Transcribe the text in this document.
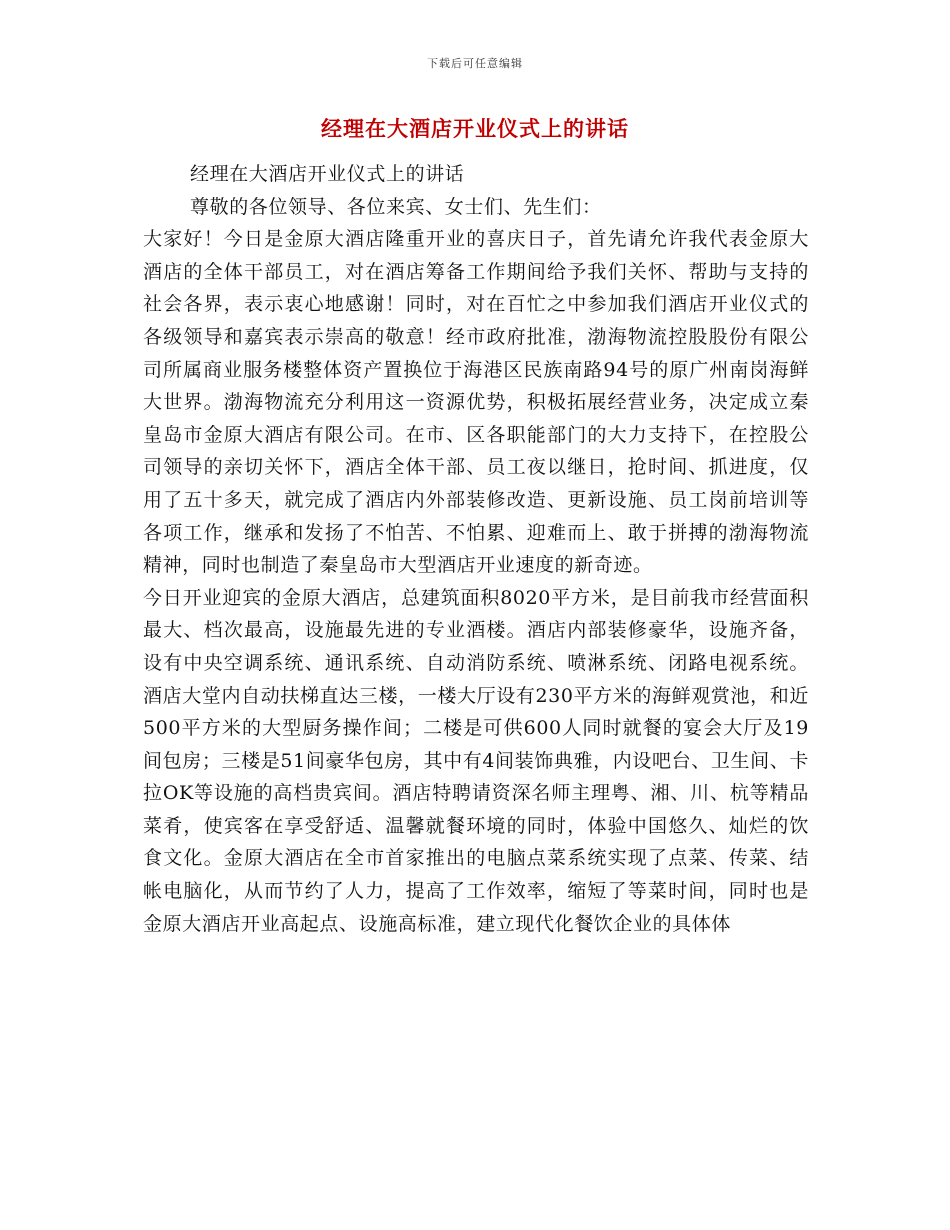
下载后可任意编辑
经理在大酒店开业仪式上的讲话

经理在大酒店开业仪式上的讲话

尊敬的各位领导、各位来宾、女士们、先生们：

大家好！今日是金原大酒店隆重开业的喜庆日子，首先请允许我代表金原大酒店的全体干部员工，对在酒店筹备工作期间给予我们关怀、帮助与支持的社会各界，表示衷心地感谢！同时，对在百忙之中参加我们酒店开业仪式的各级领导和嘉宾表示崇高的敬意！经市政府批准，渤海物流控股股份有限公司所属商业服务楼整体资产置换位于海港区民族南路94号的原广州南岗海鲜大世界。渤海物流充分利用这一资源优势，积极拓展经营业务，决定成立秦皇岛市金原大酒店有限公司。在市、区各职能部门的大力支持下，在控股公司领导的亲切关怀下，酒店全体干部、员工夜以继日，抢时间、抓进度，仅用了五十多天，就完成了酒店内外部装修改造、更新设施、员工岗前培训等各项工作，继承和发扬了不怕苦、不怕累、迎难而上、敢于拼搏的渤海物流精神，同时也制造了秦皇岛市大型酒店开业速度的新奇迹。

今日开业迎宾的金原大酒店，总建筑面积8020平方米，是目前我市经营面积最大、档次最高，设施最先进的专业酒楼。酒店内部装修豪华，设施齐备，设有中央空调系统、通讯系统、自动消防系统、喷淋系统、闭路电视系统。酒店大堂内自动扶梯直达三楼，一楼大厅设有230平方米的海鲜观赏池，和近500平方米的大型厨务操作间；二楼是可供600人同时就餐的宴会大厅及19间包房；三楼是51间豪华包房，其中有4间装饰典雅，内设吧台、卫生间、卡拉OK等设施的高档贵宾间。酒店特聘请资深名师主理粤、湘、川、杭等精品菜肴，使宾客在享受舒适、温馨就餐环境的同时，体验中国悠久、灿烂的饮食文化。金原大酒店在全市首家推出的电脑点菜系统实现了点菜、传菜、结帐电脑化，从而节约了人力，提高了工作效率，缩短了等菜时间，同时也是金原大酒店开业高起点、设施高标准，建立现代化餐饮企业的具体体
